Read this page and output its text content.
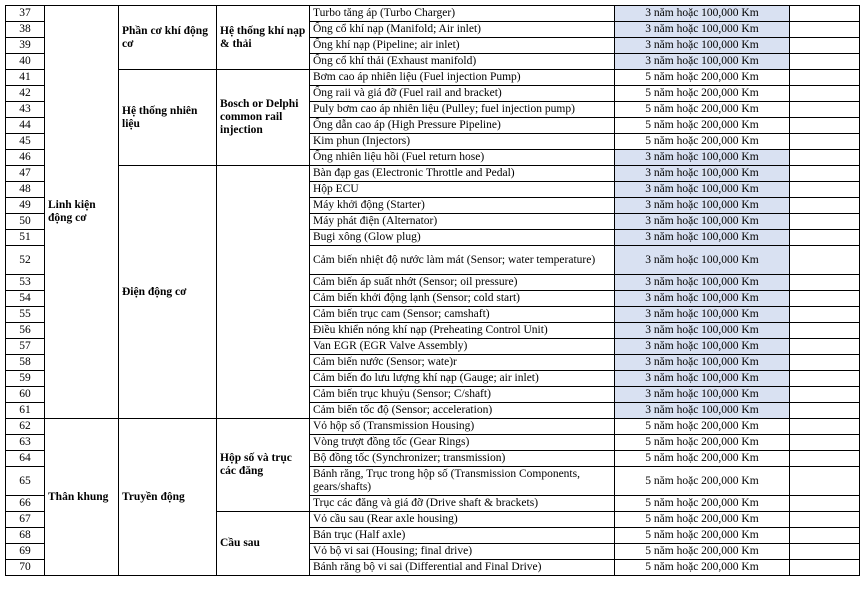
37	Linh kiện động cơ	Phần cơ khí động cơ	Hệ thống khí nạp & thải	Turbo tăng áp (Turbo Charger)	3 năm hoặc 100,000 Km	
38				Ống cổ khí nạp (Manifold; Air inlet)	3 năm hoặc 100,000 Km	
39				Ống khí nạp (Pipeline; air inlet)	3 năm hoặc 100,000 Km	
40				Ống cổ khí thải (Exhaust manifold)	3 năm hoặc 100,000 Km	
41		Hệ thống nhiên liệu	Bosch or Delphi common rail injection	Bơm cao áp nhiên liệu (Fuel injection Pump)	5 năm hoặc 200,000 Km	
42				Ống raii và giá đỡ (Fuel rail and bracket)	5 năm hoặc 200,000 Km	
43				Puly bơm cao áp nhiên liệu (Pulley; fuel injection pump)	5 năm hoặc 200,000 Km	
44				Ống dẫn cao áp (High Pressure Pipeline)	5 năm hoặc 200,000 Km	
45				Kim phun (Injectors)	5 năm hoặc 200,000 Km	
46				Ống nhiên liệu hồi (Fuel return hose)	3 năm hoặc 100,000 Km	
47		Điện động cơ		Bàn đạp gas (Electronic Throttle and Pedal)	3 năm hoặc 100,000 Km	
48				Hộp ECU	3 năm hoặc 100,000 Km	
49				Máy khởi động (Starter)	3 năm hoặc 100,000 Km	
50				Máy phát điện (Alternator)	3 năm hoặc 100,000 Km	
51				Bugi xông (Glow plug)	3 năm hoặc 100,000 Km	
52				Cảm biến nhiệt độ nước làm mát (Sensor; water temperature)	3 năm hoặc 100,000 Km	
53				Cảm biến áp suất nhớt (Sensor; oil pressure)	3 năm hoặc 100,000 Km	
54				Cảm biến khởi động lạnh (Sensor; cold start)	3 năm hoặc 100,000 Km	
55				Cảm biến trục cam (Sensor; camshaft)	3 năm hoặc 100,000 Km	
56				Điều khiển nóng khí nạp (Preheating Control Unit)	3 năm hoặc 100,000 Km	
57				Van EGR (EGR Valve Assembly)	3 năm hoặc 100,000 Km	
58				Cảm biến nước (Sensor; wate)r	3 năm hoặc 100,000 Km	
59				Cảm biến đo lưu lượng khí nạp (Gauge; air inlet)	3 năm hoặc 100,000 Km	
60				Cảm biến trục khuỷu (Sensor; C/shaft)	3 năm hoặc 100,000 Km	
61				Cảm biến tốc độ (Sensor; acceleration)	3 năm hoặc 100,000 Km	
62	Thân khung	Truyền động	Hộp số và trục các đăng	Vỏ hộp số (Transmission Housing)	5 năm hoặc 200,000 Km	
63				Vòng trượt đồng tốc (Gear Rings)	5 năm hoặc 200,000 Km	
64				Bộ đồng tốc (Synchronizer; transmission)	5 năm hoặc 200,000 Km	
65				Bánh răng, Trục trong hộp số (Transmission Components, gears/shafts)	5 năm hoặc 200,000 Km	
66				Trục các đăng và giá đỡ (Drive shaft & brackets)	5 năm hoặc 200,000 Km	
67			Cầu sau	Vỏ cầu sau (Rear axle housing)	5 năm hoặc 200,000 Km	
68				Bán trục (Half axle)	5 năm hoặc 200,000 Km	
69				Vỏ bộ vi sai (Housing; final drive)	5 năm hoặc 200,000 Km	
70				Bánh răng bộ vi sai (Differential and Final Drive)	5 năm hoặc 200,000 Km	
